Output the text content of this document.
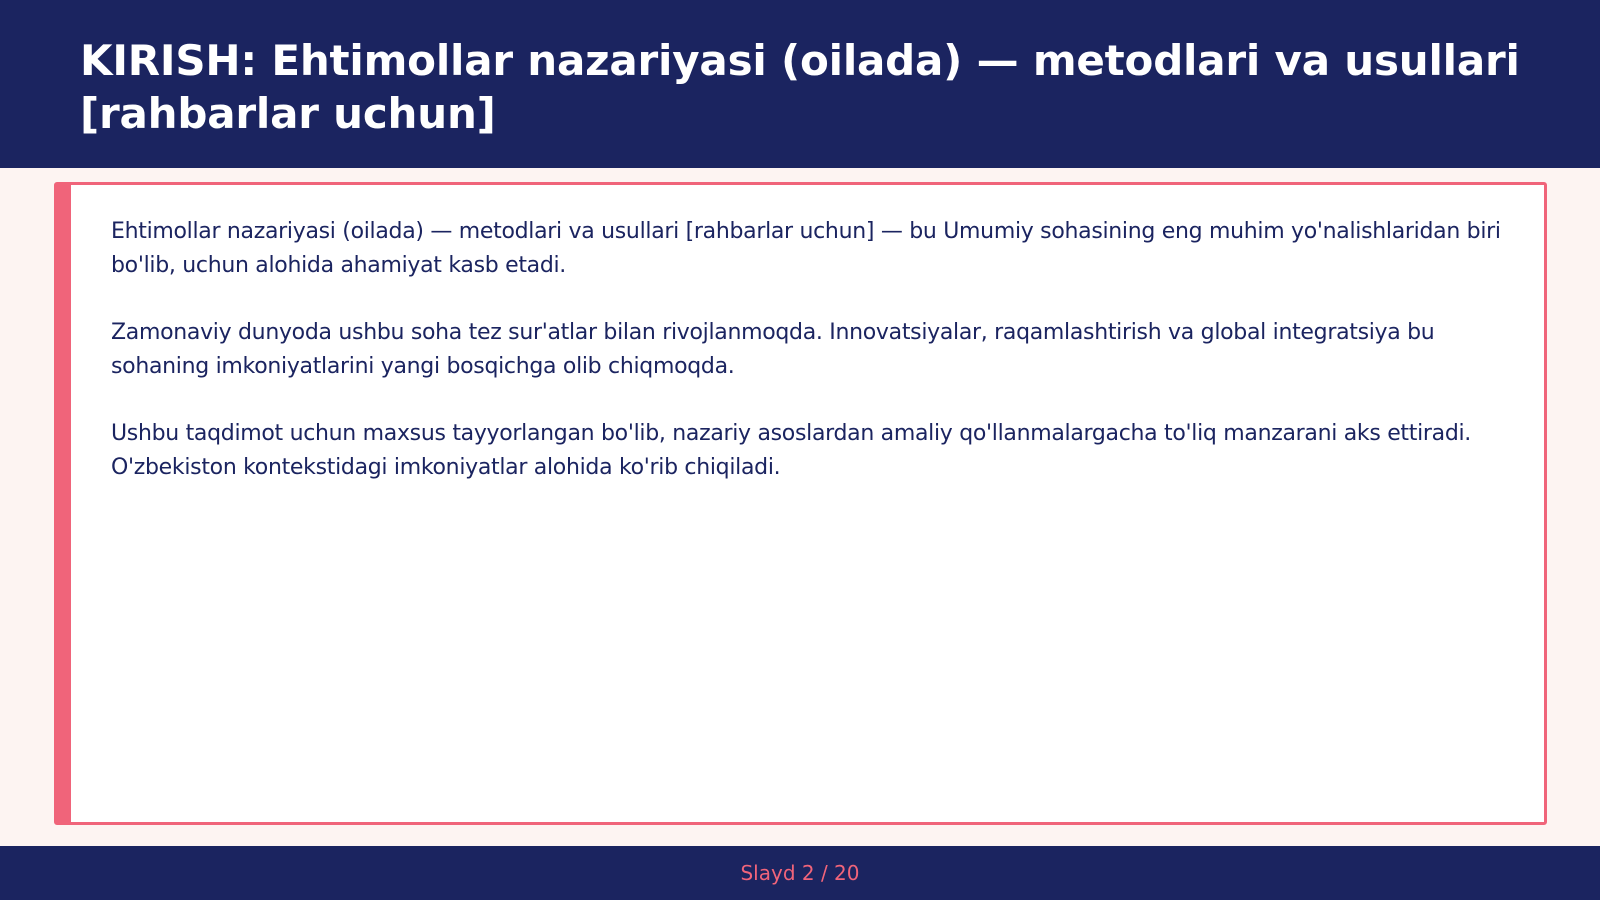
KIRISH: Ehtimollar nazariyasi (oilada) — metodlari va usullari [rahbarlar uchun]

Ehtimollar nazariyasi (oilada) — metodlari va usullari [rahbarlar uchun] — bu Umumiy sohasining eng muhim yo'nalishlaridan biri bo'lib, uchun alohida ahamiyat kasb etadi.

Zamonaviy dunyoda ushbu soha tez sur'atlar bilan rivojlanmoqda. Innovatsiyalar, raqamlashtirish va global integratsiya bu sohaning imkoniyatlarini yangi bosqichga olib chiqmoqda.

Ushbu taqdimot uchun maxsus tayyorlangan bo'lib, nazariy asoslardan amaliy qo'llanmalargacha to'liq manzarani aks ettiradi. O'zbekiston kontekstidagi imkoniyatlar alohida ko'rib chiqiladi.

Slayd 2 / 20
